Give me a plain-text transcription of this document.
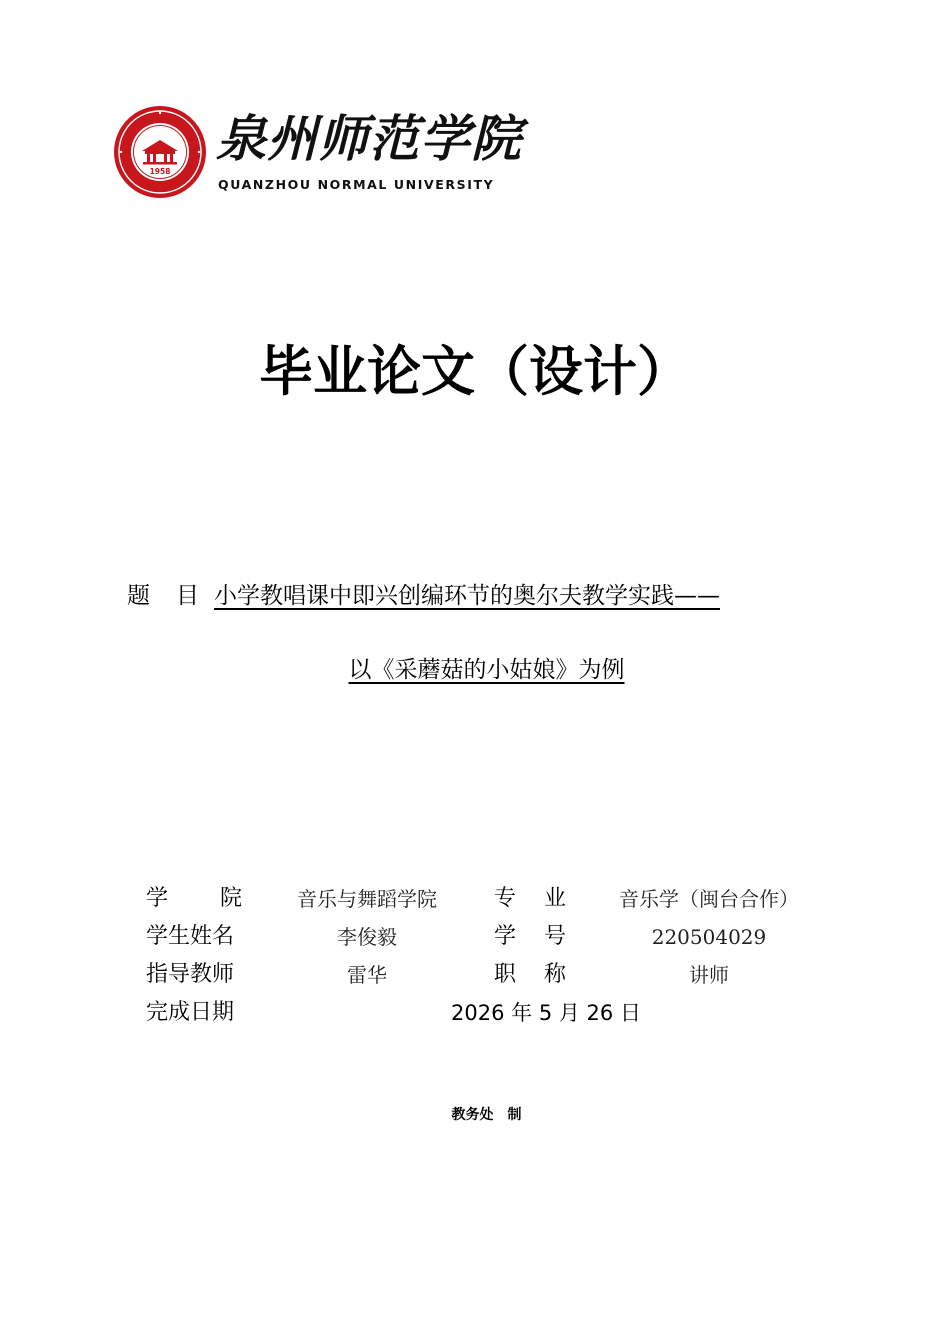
1958
泉州师范学院
QUANZHOU NORMAL UNIVERSITY
毕业论文（设计）
题 目 小学教唱课中即兴创编环节的奥尔夫教学实践——
以《采蘑菇的小姑娘》为例
学 院	音乐与舞蹈学院	专 业	音乐学（闽台合作）
学生姓名	李俊毅	学 号	220504029
指导教师	雷华	职 称	讲师
完成日期	2026 年 5 月 26 日
教务处　制
